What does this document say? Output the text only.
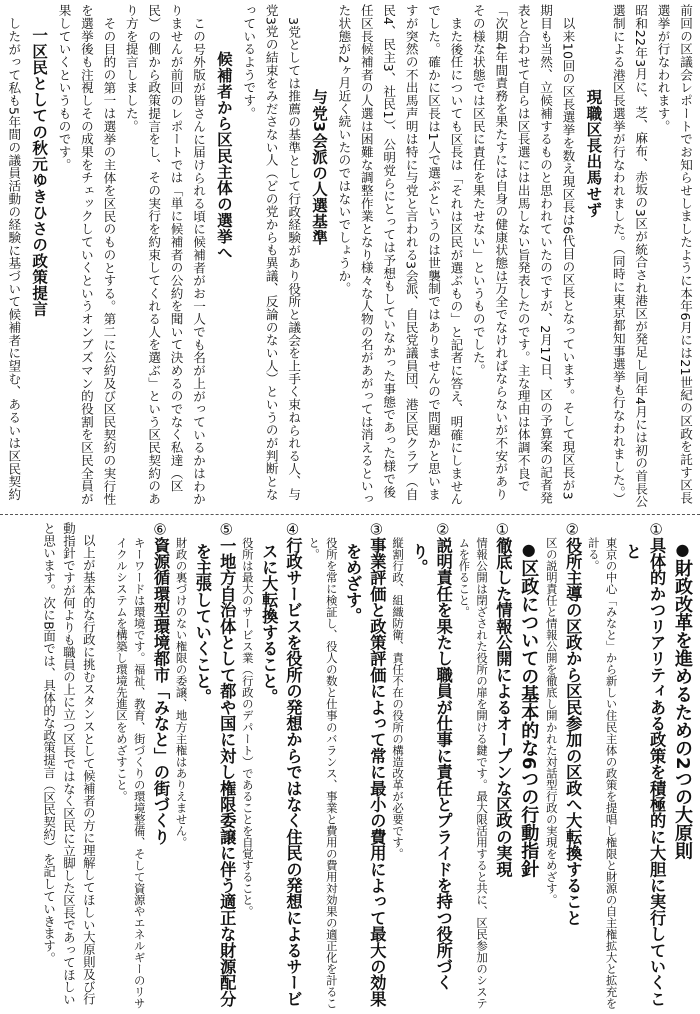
前回の区議会レポートでお知らせしましたように本年6月には21世紀の区政を託す区長選挙が行なわれます。

昭和22年3月に、芝、麻布、赤坂の3区が統合され港区が発足し同年4月には初の首長公選制による港区長選挙が行なわれました。（同時に東京都知事選挙も行なわれました。）

現職区長出馬せず

以来10回の区長選挙を数え現区長は6代目の区長となっています。そして現区長が3期目も当然、立候補するものと思われていたのですが、2月17日、区の予算案の記者発表と合わせて自らは区長選には出馬しない旨発表したのです。主な理由は体調不良で「次期4年間責務を果たすには自身の健康状態は万全でなければならないが不安がありその様な状態では区民に責任を果たせない」というものでした。

また後任についても区長は「それは区民が選ぶもの」と記者に答え、明確にしませんでした。確かに区長は1人で選ぶというのは世襲制ではありませんので問題かと思いますが突然の不出馬声明は特に与党と言われる3会派、自民党議員団、港区民クラブ（自民4、民主3、社民1）、公明党らにとっては予想もしていなかった事態であった様で後任区長候補者の人選は困難な調整作業となり様々な人物の名があがっては消えるといった状態が2ヶ月近く続いたのではないでしょうか。

与党3会派の人選基準

3党としては推薦の基準として行政経験があり役所と議会を上手く束ねられる人、与党3党の結束をみださない人（どの党からも異議、反論のない人）というのが判断となっているようです。

候補者から区民主体の選挙へ

この号外版が皆さんに届けられる頃に候補者がお一人でも名が上がっているかはわかりませんが前回のレポートでは「単に候補者の公約を聞いて決めるのでなく私達（区民）の側から政策提言をし、その実行を約束してくれる人を選ぶ」という区民契約のあり方を提言しました。

その目的の第一は選挙の主体を区民のものとする。第二に公約及び区民契約の実行性を選挙後も注視しその成果をチェックしていくというオンブズマン的役割を区民全員が果していくというものです。

一区民としての秋元ゆきひさの政策提言

したがって私も5年間の議員活動の経験に基づいて候補者に望む、あるいは区民契約

●財政改革を進めるための2つの大原則

①具体的かつリアリティある政策を積極的に大胆に実行していくこと

東京の中心「みなと」から新しい住民主体の政策を提唱し権限と財源の自主権拡大と拡充を計る。

②役所主導の区政から区民参加の区政へ大転換すること

区の説明責任と情報公開を徹底し開かれた対話型行政の実現をめざす。

●区政についての基本的な6つの行動指針

①徹底した情報公開によるオープンな区政の実現

情報公開は閉ざされた役所の扉を開ける鍵です。最大限活用すると共に、区民参加のシステムを作ること。

②説明責任を果たし職員が仕事に責任とプライドを持つ役所づくり。

縦割行政、組織防衛、責任不在の役所の構造改革が必要です。

③事業評価と政策評価によって常に最小の費用によって最大の効果をめざす。

役所を常に検証し、役人の数と仕事のバランス、事業と費用の費用対効果の適正化を計ること。

④行政サービスを役所の発想からではなく住民の発想によるサービスに大転換すること。

役所は最大のサービス業（行政のデパート）であることを自覚すること。

⑤一地方自治体として都や国に対し権限委譲に伴う適正な財源配分を主張していくこと。

財政の裏づけのない権限の委譲、地方主権はありえません。

⑥資源循環型環境都市「みなと」の街づくり

キーワードは環境です。福祉、教育、街づくりの環境整備、そして資源やエネルギーのリサイクルシステムを構築し環境先進区をめざすこと。

以上が基本的な行政に挑むスタンスとして候補者の方に理解してほしい大原則及び行動指針ですが何よりも職員の上に立つ区長ではなく区民に立脚した区長であってほしいと思います。次にB面では、具体的な政策提言（区民契約）を記していきます。
